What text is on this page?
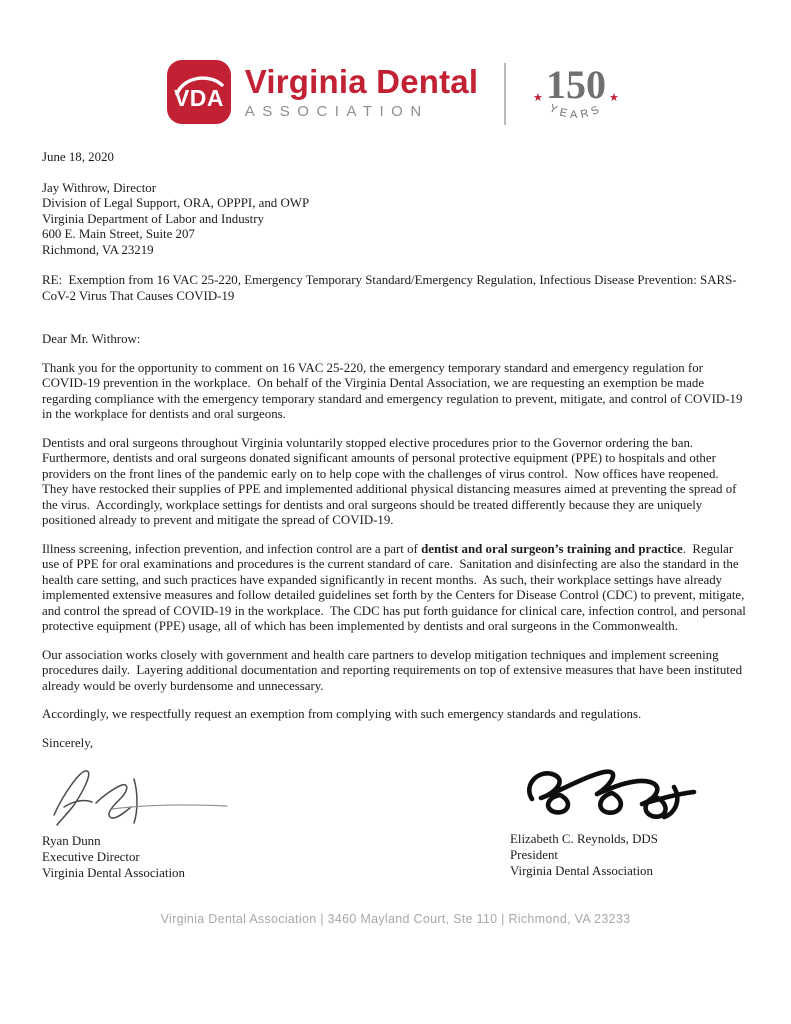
VDA Virginia Dental
ASSOCIATION
150
★	★
YEARS
June 18, 2020
Jay Withrow, Director
Division of Legal Support, ORA, OPPPI, and OWP
Virginia Department of Labor and Industry
600 E. Main Street, Suite 207
Richmond, VA 23219

RE:  Exemption from 16 VAC 25-220, Emergency Temporary Standard/Emergency Regulation, Infectious Disease Prevention: SARS-CoV-2 Virus That Causes COVID-19

Dear Mr. Withrow:

Thank you for the opportunity to comment on 16 VAC 25-220, the emergency temporary standard and emergency regulation for COVID-19 prevention in the workplace.  On behalf of the Virginia Dental Association, we are requesting an exemption be made regarding compliance with the emergency temporary standard and emergency regulation to prevent, mitigate, and control of COVID-19 in the workplace for dentists and oral surgeons.

Dentists and oral surgeons throughout Virginia voluntarily stopped elective procedures prior to the Governor ordering the ban.  Furthermore, dentists and oral surgeons donated significant amounts of personal protective equipment (PPE) to hospitals and other providers on the front lines of the pandemic early on to help cope with the challenges of virus control.  Now offices have reopened.  They have restocked their supplies of PPE and implemented additional physical distancing measures aimed at preventing the spread of the virus.  Accordingly, workplace settings for dentists and oral surgeons should be treated differently because they are uniquely positioned already to prevent and mitigate the spread of COVID-19.

Illness screening, infection prevention, and infection control are a part of dentist and oral surgeon’s training and practice.  Regular use of PPE for oral examinations and procedures is the current standard of care.  Sanitation and disinfecting are also the standard in the health care setting, and such practices have expanded significantly in recent months.  As such, their workplace settings have already implemented extensive measures and follow detailed guidelines set forth by the Centers for Disease Control (CDC) to prevent, mitigate, and control the spread of COVID-19 in the workplace.  The CDC has put forth guidance for clinical care, infection control, and personal protective equipment (PPE) usage, all of which has been implemented by dentists and oral surgeons in the Commonwealth.

Our association works closely with government and health care partners to develop mitigation techniques and implement screening procedures daily.  Layering additional documentation and reporting requirements on top of extensive measures that have been instituted already would be overly burdensome and unnecessary.

Accordingly, we respectfully request an exemption from complying with such emergency standards and regulations.

Sincerely,

Ryan Dunn
Executive Director
Virginia Dental Association
Elizabeth C. Reynolds, DDS
President
Virginia Dental Association
Virginia Dental Association | 3460 Mayland Court, Ste 110 | Richmond, VA 23233
